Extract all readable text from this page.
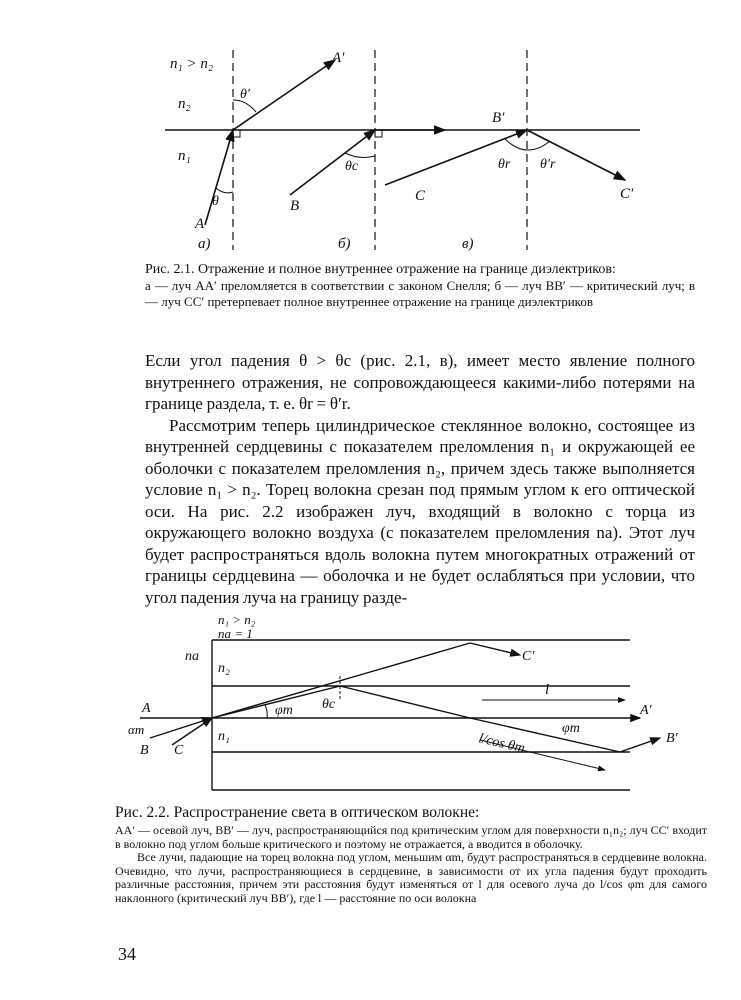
n₁ > n₂
n₂
n₁
A
A′
θ
θ′
B
B′
θc
C	C′
θr θ′r
а)	б)	в)
n₁ > n₂
na = 1
na
n₂
n₁
A	A′
αm
B C
C′
B′
φm θc
l
l/cos θm
φm
Рис. 2.1. Отражение и полное внутреннее отражение на границе диэлектриков:
а — луч AA′ преломляется в соответствии с законом Снелля; б — луч BB′ — критический луч; в — луч CC′ претерпевает полное внутреннее отражение на границе диэлектриков

Если угол падения θ > θc (рис. 2.1, в), имеет место явление полного внутреннего отражения, не сопровождающееся какими-либо потерями на границе раздела, т. е. θr = θ′r.

Рассмотрим теперь цилиндрическое стеклянное волокно, состоящее из внутренней сердцевины с показателем преломления n₁ и окружающей ее оболочки с показателем преломления n₂, причем здесь также выполняется условие n₁ > n₂. Торец волокна срезан под прямым углом к его оптической оси. На рис. 2.2 изображен луч, входящий в волокно с торца из окружающего волокно воздуха (с показателем преломления na). Этот луч будет распространяться вдоль волокна путем многократных отражений от границы сердцевина — оболочка и не будет ослабляться при условии, что угол падения луча на границу разде-

Рис. 2.2. Распространение света в оптическом волокне:

AA′ — осевой луч, BB′ — луч, распространяющийся под критическим углом для поверхности n₁n₂; луч CC′ входит в волокно под углом больше критического и поэтому не отражается, а вводится в оболочку.

Все лучи, падающие на торец волокна под углом, меньшим αm, будут распространяться в сердцевине волокна. Очевидно, что лучи, распространяющиеся в сердцевине, в зависимости от их угла падения будут проходить различные расстояния, причем эти расстояния будут изменяться от l для осевого луча до l/cos φm для самого наклонного (критический луч BB′), где l — расстояние по оси волокна

34
